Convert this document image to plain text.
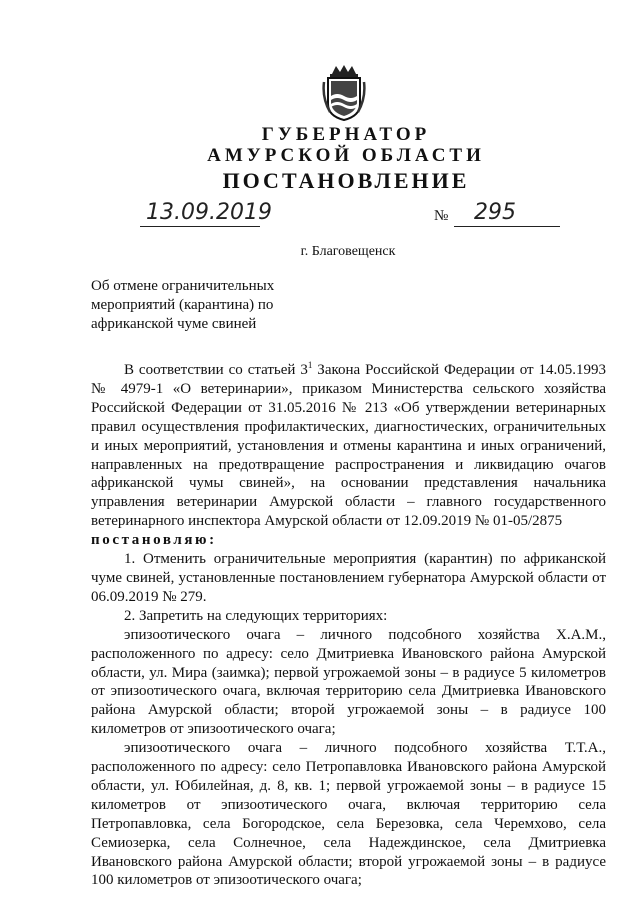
ГУБЕРНАТОР
АМУРСКОЙ ОБЛАСТИ
ПОСТАНОВЛЕНИЕ
13.09.2019	№	295
г. Благовещенск
Об отмене ограничительных мероприятий (карантина) по африканской чуме свиней

В соответствии со статьей $3^1$ Закона Российской Федерации от 14.05.1993 № 4979-1 «О ветеринарии», приказом Министерства сельского хозяйства Российской Федерации от 31.05.2016 № 213 «Об утверждении ветеринарных правил осуществления профилактических, диагностических, ограничительных и иных мероприятий, установления и отмены карантина и иных ограничений, направленных на предотвращение распространения и ликвидацию очагов африканской чумы свиней», на основании представления начальника управления ветеринарии Амурской области – главного государственного ветеринарного инспектора Амурской области от 12.09.2019 № 01-05/2875

постановляю:

1. Отменить ограничительные мероприятия (карантин) по африканской чуме свиней, установленные постановлением губернатора Амурской области от 06.09.2019 № 279.

2. Запретить на следующих территориях:

эпизоотического очага – личного подсобного хозяйства Х.А.М., расположенного по адресу: село Дмитриевка Ивановского района Амурской области, ул. Мира (заимка); первой угрожаемой зоны – в радиусе 5 километров от эпизоотического очага, включая территорию села Дмитриевка Ивановского района Амурской области; второй угрожаемой зоны – в радиусе 100 километров от эпизоотического очага;

эпизоотического очага – личного подсобного хозяйства Т.Т.А., расположенного по адресу: село Петропавловка Ивановского района Амурской области, ул. Юбилейная, д. 8, кв. 1; первой угрожаемой зоны – в радиусе 15 километров от эпизоотического очага, включая территорию села Петропавловка, села Богородское, села Березовка, села Черемхово, села Семиозерка, села Солнечное, села Надеждинское, села Дмитриевка Ивановского района Амурской области; второй угрожаемой зоны – в радиусе 100 километров от эпизоотического очага;
